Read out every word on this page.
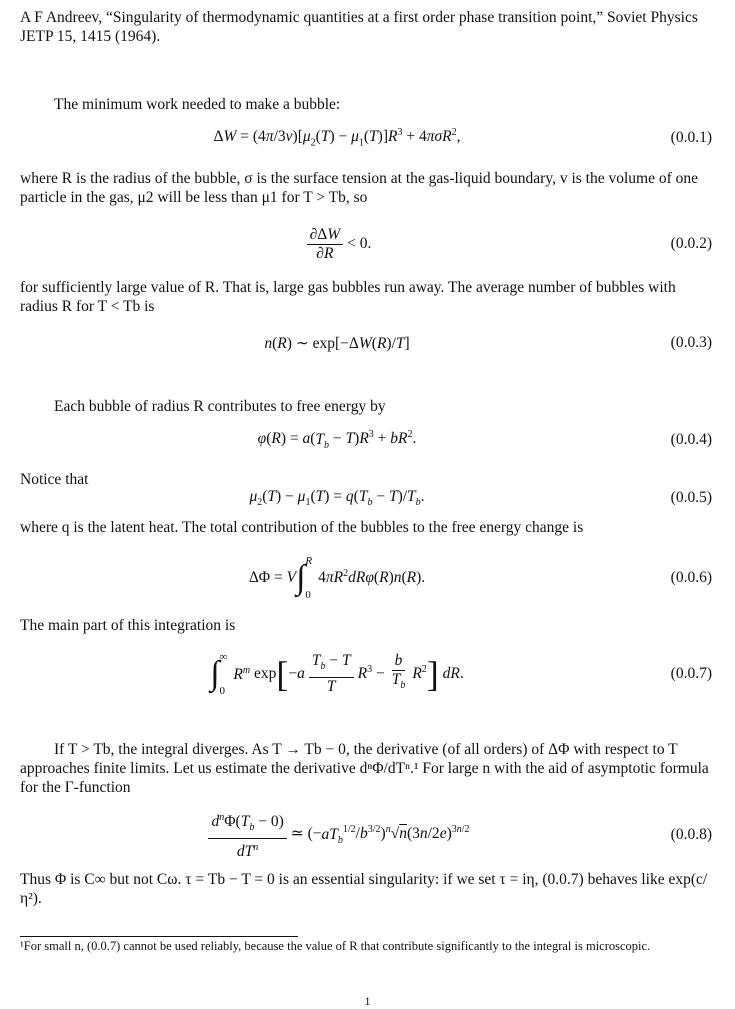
A F Andreev, “Singularity of thermodynamic quantities at a first order phase transition point,” Soviet Physics JETP 15, 1415 (1964).
The minimum work needed to make a bubble:
$\Delta W = (4\pi/3v)[\mu_2(T) - \mu_1(T)]R^3 + 4\pi\sigma R^2$,	(0.0.1)
where R is the radius of the bubble, σ is the surface tension at the gas-liquid boundary, v is the volume of one particle in the gas, μ2 will be less than μ1 for T > Tb, so
$\frac{\partial\Delta W}{\partial R} < 0$.	(0.0.2)
for sufficiently large value of R. That is, large gas bubbles run away. The average number of bubbles with radius R for T < Tb is
n(R) ∼ exp[−ΔW(R)/T]	(0.0.3)
Each bubble of radius R contributes to free energy by
$\varphi(R) = a(T_b - T)R^3 + bR^2$.	(0.0.4)
Notice that
$\mu_2(T) - \mu_1(T) = q(T_b - T)/T_b$.	(0.0.5)
where q is the latent heat. The total contribution of the bubbles to the free energy change is
ΔΦ = V ∫ R
0
$4\pi R^2dR\varphi(R)n(R)$.	(0.0.6)
The main part of this integration is
∫ ∞
0
$R^m$ exp [ $-a \frac{T_b - T}{T} R^3 - \frac{b}{T_b} R^2$ ] dR.	(0.0.7)
If T > Tb, the integral diverges. As T → Tb − 0, the derivative (of all orders) of ΔΦ with respect to T approaches finite limits. Let us estimate the derivative dⁿΦ/dTⁿ.¹ For large n with the aid of asymptotic formula for the Γ-function
$\frac{d^n\Phi(T_b - 0)}{dT^n}$ ≃ $(-aT_b^{1/2}/b^{3/2})^n√n(3n/2e)^{3n/2}$	(0.0.8)
Thus Φ is C∞ but not Cω. τ = Tb − T = 0 is an essential singularity: if we set τ = iη, (0.0.7) behaves like exp(c/η²).
¹For small n, (0.0.7) cannot be used reliably, because the value of R that contribute significantly to the integral is microscopic.
1
